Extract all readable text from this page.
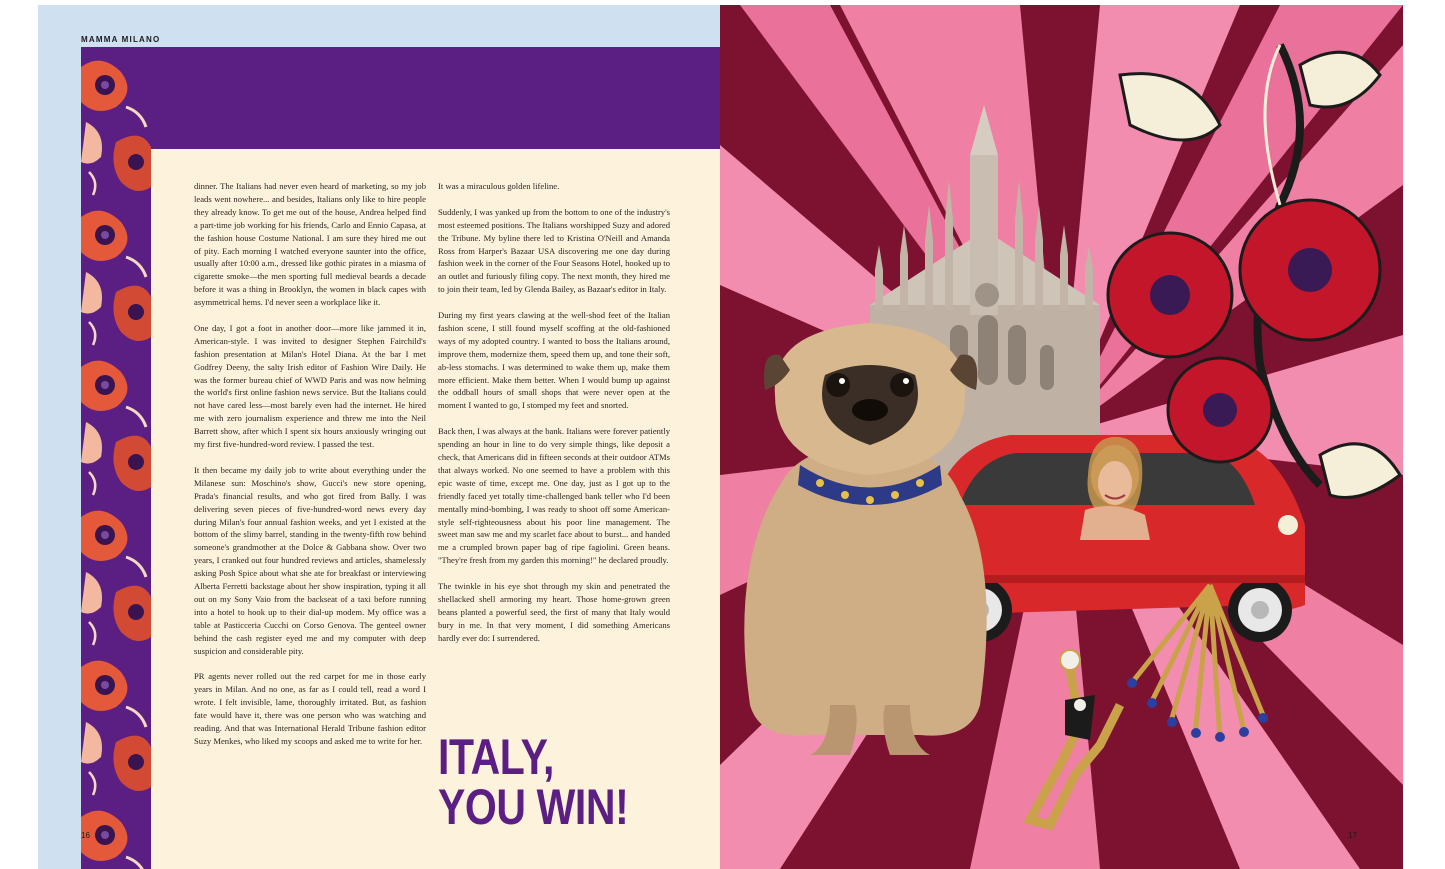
MAMMA MILANO
16

dinner. The Italians had never even heard of marketing, so my job leads went nowhere... and besides, Italians only like to hire people they already know. To get me out of the house, Andrea helped find a part-time job working for his friends, Carlo and Ennio Capasa, at the fashion house Costume National. I am sure they hired me out of pity. Each morning I watched everyone saunter into the office, usually after 10:00 a.m., dressed like gothic pirates in a miasma of cigarette smoke—the men sporting full medieval beards a decade before it was a thing in Brooklyn, the women in black capes with asymmetrical hems. I'd never seen a workplace like it.

One day, I got a foot in another door—more like jammed it in, American-style. I was invited to designer Stephen Fairchild's fashion presentation at Milan's Hotel Diana. At the bar I met Godfrey Deeny, the salty Irish editor of Fashion Wire Daily. He was the former bureau chief of WWD Paris and was now helming the world's first online fashion news service. But the Italians could not have cared less—most barely even had the internet. He hired me with zero journalism experience and threw me into the Neil Barrett show, after which I spent six hours anxiously wringing out my first five-hundred-word review. I passed the test.

It then became my daily job to write about everything under the Milanese sun: Moschino's show, Gucci's new store opening, Prada's financial results, and who got fired from Bally. I was delivering seven pieces of five-hundred-word news every day during Milan's four annual fashion weeks, and yet I existed at the bottom of the slimy barrel, standing in the twenty-fifth row behind someone's grandmother at the Dolce & Gabbana show. Over two years, I cranked out four hundred reviews and articles, shamelessly asking Posh Spice about what she ate for breakfast or interviewing Alberta Ferretti backstage about her show inspiration, typing it all out on my Sony Vaio from the backseat of a taxi before running into a hotel to hook up to their dial-up modem. My office was a table at Pasticceria Cucchi on Corso Genova. The genteel owner behind the cash register eyed me and my computer with deep suspicion and considerable pity.

PR agents never rolled out the red carpet for me in those early years in Milan. And no one, as far as I could tell, read a word I wrote. I felt invisible, lame, thoroughly irritated. But, as fashion fate would have it, there was one person who was watching and reading. And that was International Herald Tribune fashion editor Suzy Menkes, who liked my scoops and asked me to write for her.

It was a miraculous golden lifeline.

Suddenly, I was yanked up from the bottom to one of the industry's most esteemed positions. The Italians worshipped Suzy and adored the Tribune. My byline there led to Kristina O'Neill and Amanda Ross from Harper's Bazaar USA discovering me one day during fashion week in the corner of the Four Seasons Hotel, hooked up to an outlet and furiously filing copy. The next month, they hired me to join their team, led by Glenda Bailey, as Bazaar's editor in Italy.

During my first years clawing at the well-shod feet of the Italian fashion scene, I still found myself scoffing at the old-fashioned ways of my adopted country. I wanted to boss the Italians around, improve them, modernize them, speed them up, and tone their soft, ab-less stomachs. I was determined to wake them up, make them more efficient. Make them better. When I would bump up against the oddball hours of small shops that were never open at the moment I wanted to go, I stomped my feet and snorted.

Back then, I was always at the bank. Italians were forever patiently spending an hour in line to do very simple things, like deposit a check, that Americans did in fifteen seconds at their outdoor ATMs that always worked. No one seemed to have a problem with this epic waste of time, except me. One day, just as I got up to the friendly faced yet totally time-challenged bank teller who I'd been mentally mind-bombing, I was ready to shoot off some American-style self-righteousness about his poor line management. The sweet man saw me and my scarlet face about to burst... and handed me a crumpled brown paper bag of ripe fagiolini. Green beans. "They're fresh from my garden this morning!" he declared proudly.

The twinkle in his eye shot through my skin and penetrated the shellacked shell armoring my heart. Those home-grown green beans planted a powerful seed, the first of many that Italy would bury in me. In that very moment, I did something Americans hardly ever do: I surrendered.

ITALY,
YOU WIN!
17
